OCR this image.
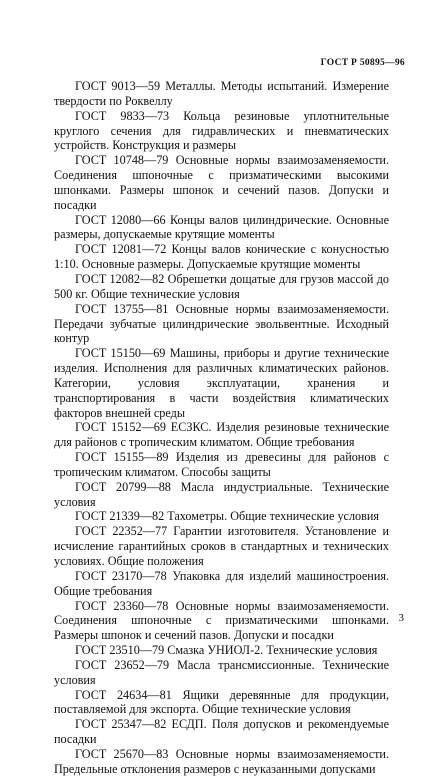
ГОСТ Р 50895—96

ГОСТ 9013—59 Металлы. Методы испытаний. Измерение твердости по Роквеллу

ГОСТ 9833—73 Кольца резиновые уплотнительные круглого сечения для гидравлических и пневматических устройств. Конструкция и размеры

ГОСТ 10748—79 Основные нормы взаимозаменяемости. Соединения шпоночные с призматическими высокими шпонками. Размеры шпонок и сечений пазов. Допуски и посадки

ГОСТ 12080—66 Концы валов цилиндрические. Основные размеры, допускаемые крутящие моменты

ГОСТ 12081—72 Концы валов конические с конусностью 1:10. Основные размеры. Допускаемые крутящие моменты

ГОСТ 12082—82 Обрешетки дощатые для грузов массой до 500 кг. Общие технические условия

ГОСТ 13755—81 Основные нормы взаимозаменяемости. Передачи зубчатые цилиндрические эвольвентные. Исходный контур

ГОСТ 15150—69 Машины, приборы и другие технические изделия. Исполнения для различных климатических районов. Категории, условия эксплуатации, хранения и транспортирования в части воздействия климатических факторов внешней среды

ГОСТ 15152—69 ЕСЗКС. Изделия резиновые технические для районов с тропическим климатом. Общие требования

ГОСТ 15155—89 Изделия из древесины для районов с тропическим климатом. Способы защиты

ГОСТ 20799—88 Масла индустриальные. Технические условия

ГОСТ 21339—82 Тахометры. Общие технические условия

ГОСТ 22352—77 Гарантии изготовителя. Установление и исчисление гарантийных сроков в стандартных и технических условиях. Общие положения

ГОСТ 23170—78 Упаковка для изделий машиностроения. Общие требования

ГОСТ 23360—78 Основные нормы взаимозаменяемости. Соединения шпоночные с призматическими шпонками. Размеры шпонок и сечений пазов. Допуски и посадки

ГОСТ 23510—79 Смазка УНИОЛ-2. Технические условия

ГОСТ 23652—79 Масла трансмиссионные. Технические условия

ГОСТ 24634—81 Ящики деревянные для продукции, поставляемой для экспорта. Общие технические условия

ГОСТ 25347—82 ЕСДП. Поля допусков и рекомендуемые посадки

ГОСТ 25670—83 Основные нормы взаимозаменяемости. Предельные отклонения размеров с неуказанными допусками

3
